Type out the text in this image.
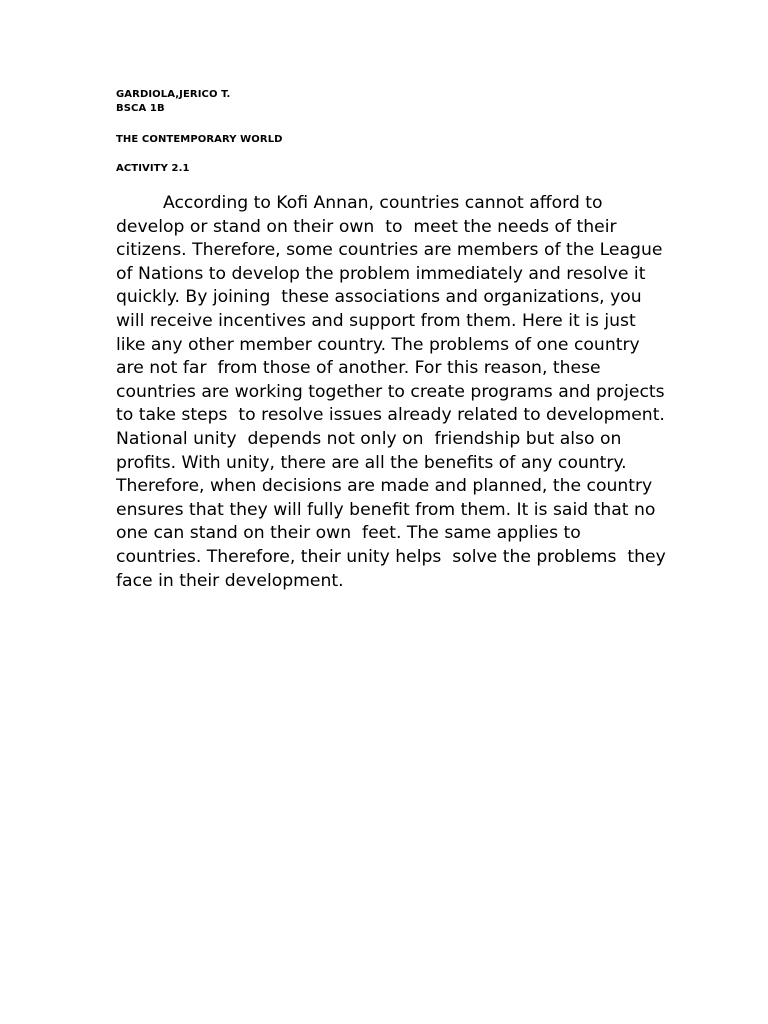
GARDIOLA,JERICO T.
BSCA 1B
THE CONTEMPORARY WORLD
ACTIVITY 2.1
According to Kofi Annan, countries cannot afford to
develop or stand on their own  to  meet the needs of their
citizens. Therefore, some countries are members of the League
of Nations to develop the problem immediately and resolve it
quickly. By joining  these associations and organizations, you
will receive incentives and support from them. Here it is just
like any other member country. The problems of one country
are not far  from those of another. For this reason, these
countries are working together to create programs and projects
to take steps  to resolve issues already related to development.
National unity  depends not only on  friendship but also on
profits. With unity, there are all the benefits of any country.
Therefore, when decisions are made and planned, the country
ensures that they will fully benefit from them. It is said that no
one can stand on their own  feet. The same applies to
countries. Therefore, their unity helps  solve the problems  they
face in their development.
